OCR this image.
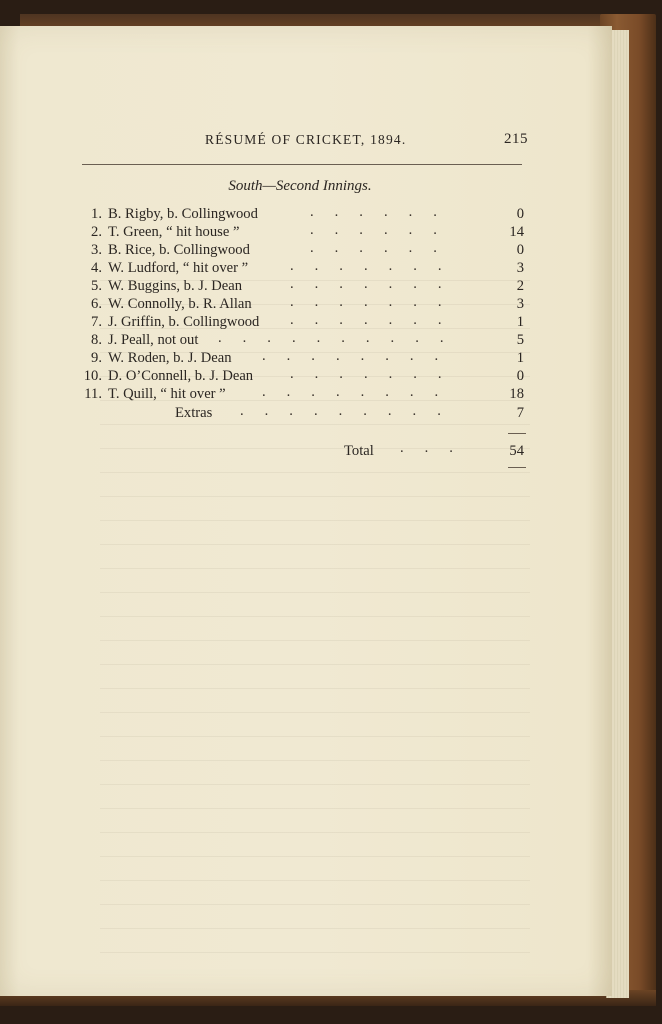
RÉSUMÉ OF CRICKET, 1894.	215
South—Second Innings.
1. B. Rigby, b. Collingwood	......	0
2. T. Green, “ hit house ”	......	14
3. B. Rice, b. Collingwood	......	0
4. W. Ludford, “ hit over ”	.......	3
5. W. Buggins, b. J. Dean	.......	2
6. W. Connolly, b. R. Allan	.......	3
7. J. Griffin, b. Collingwood .......	1
8. J. Peall, not out ..........	5
9. W. Roden, b. J. Dean ........	1
10. D. O’Connell, b. J. Dean	.......	0
11. T. Quill, “ hit over ” ........	18
Extras .........	7
Total ...	54
